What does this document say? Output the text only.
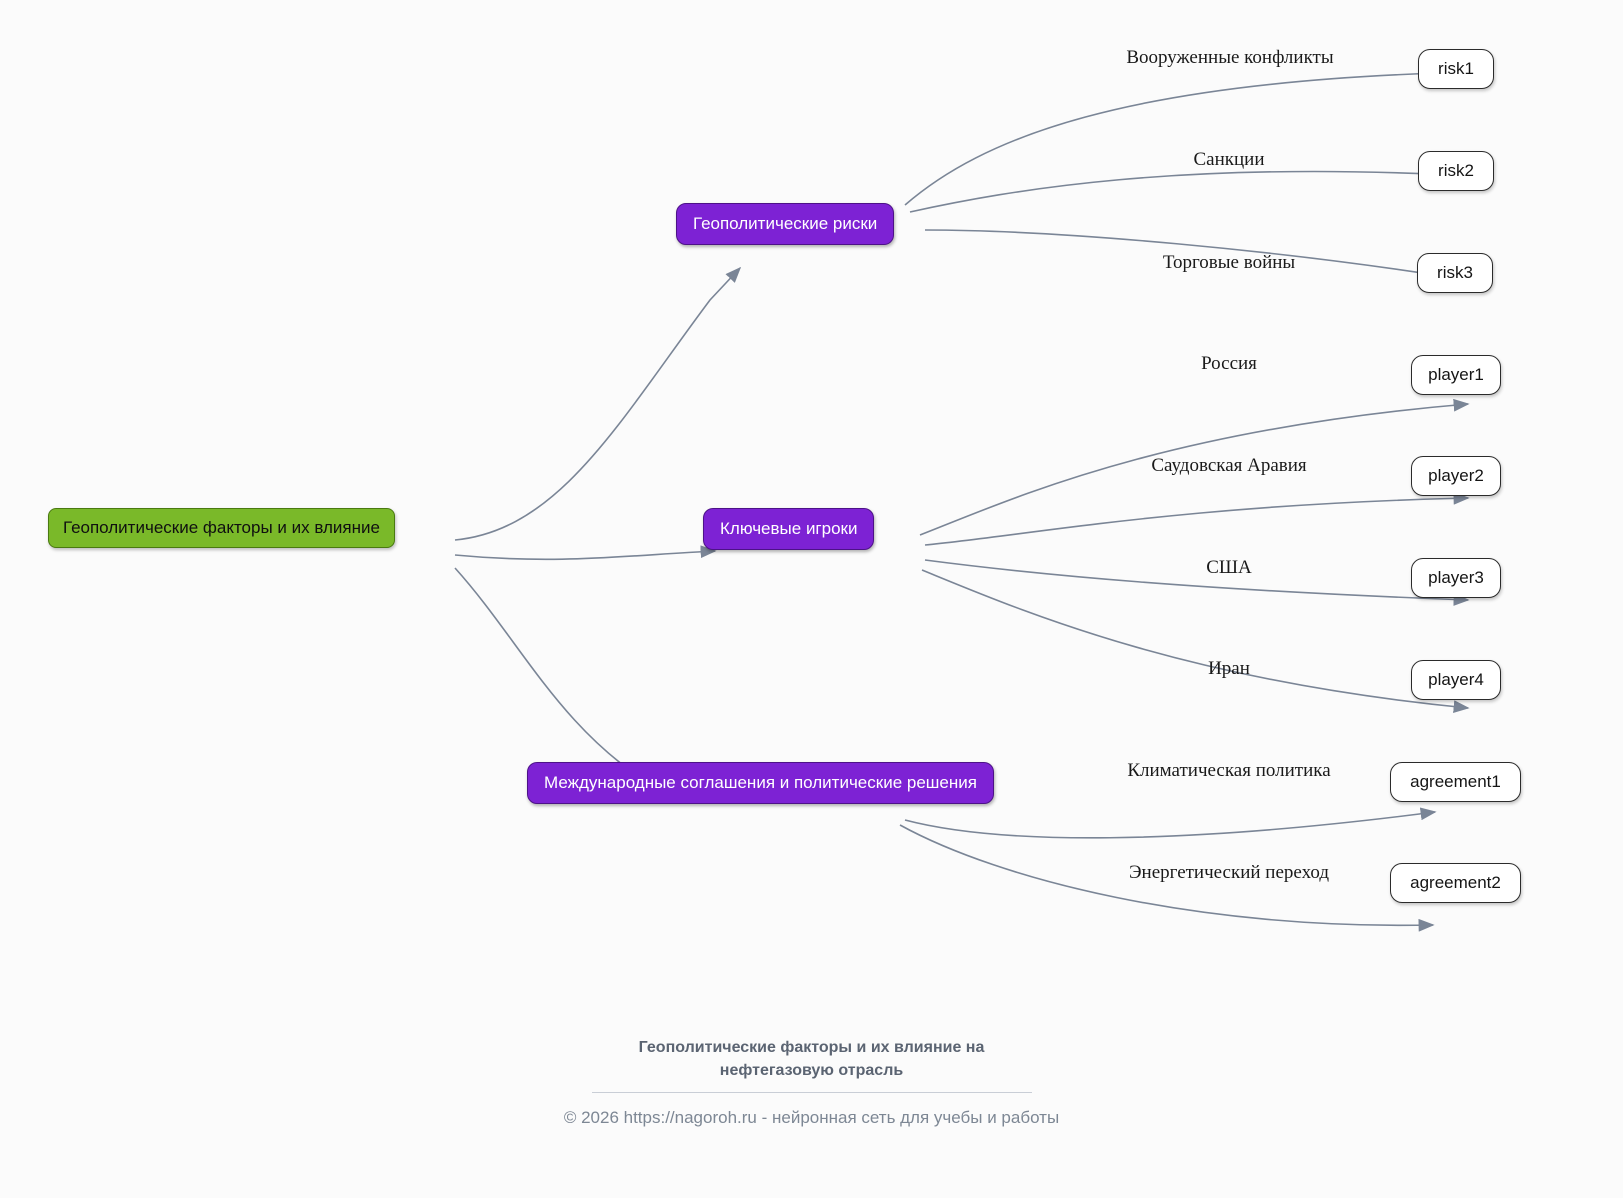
Геополитические факторы и их влияние
Геополитические риски
Ключевые игроки
Международные соглашения и политические решения
risk1
risk2
risk3
player1
player2
player3
player4
agreement1
agreement2
Вооруженные конфликты
Санкции
Торговые войны
Россия
Саудовская Аравия
США
Иран
Климатическая политика
Энергетический переход
Геополитические факторы и их влияние на
нефтегазовую отрасль
© 2026 https://nagoroh.ru - нейронная сеть для учебы и работы
